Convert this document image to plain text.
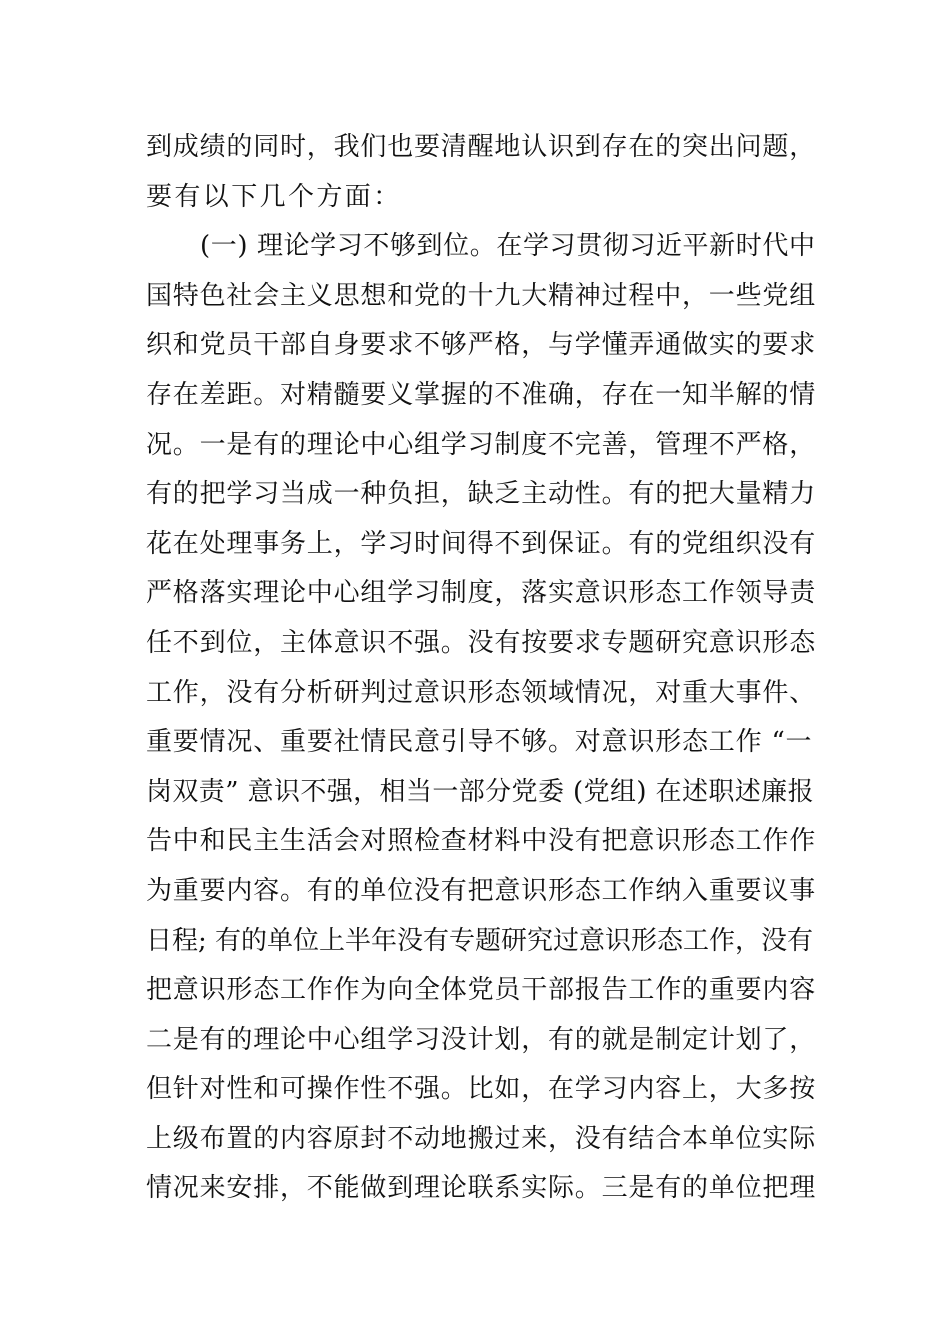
到成绩的同时，我们也要清醒地认识到存在的突出问题，
要有以下几个方面：
(一) 理论学习不够到位。在学习贯彻习近平新时代中
国特色社会主义思想和党的十九大精神过程中，一些党组
织和党员干部自身要求不够严格，与学懂弄通做实的要求
存在差距。对精髓要义掌握的不准确，存在一知半解的情
况。一是有的理论中心组学习制度不完善，管理不严格，
有的把学习当成一种负担，缺乏主动性。有的把大量精力
花在处理事务上，学习时间得不到保证。有的党组织没有
严格落实理论中心组学习制度，落实意识形态工作领导责
任不到位，主体意识不强。没有按要求专题研究意识形态
工作，没有分析研判过意识形态领域情况，对重大事件、
重要情况、重要社情民意引导不够。对意识形态工作 “一
岗双责” 意识不强，相当一部分党委 (党组) 在述职述廉报
告中和民主生活会对照检查材料中没有把意识形态工作作
为重要内容。有的单位没有把意识形态工作纳入重要议事
日程; 有的单位上半年没有专题研究过意识形态工作，没有
把意识形态工作作为向全体党员干部报告工作的重要内容
二是有的理论中心组学习没计划，有的就是制定计划了，
但针对性和可操作性不强。比如，在学习内容上，大多按
上级布置的内容原封不动地搬过来，没有结合本单位实际
情况来安排，不能做到理论联系实际。三是有的单位把理
